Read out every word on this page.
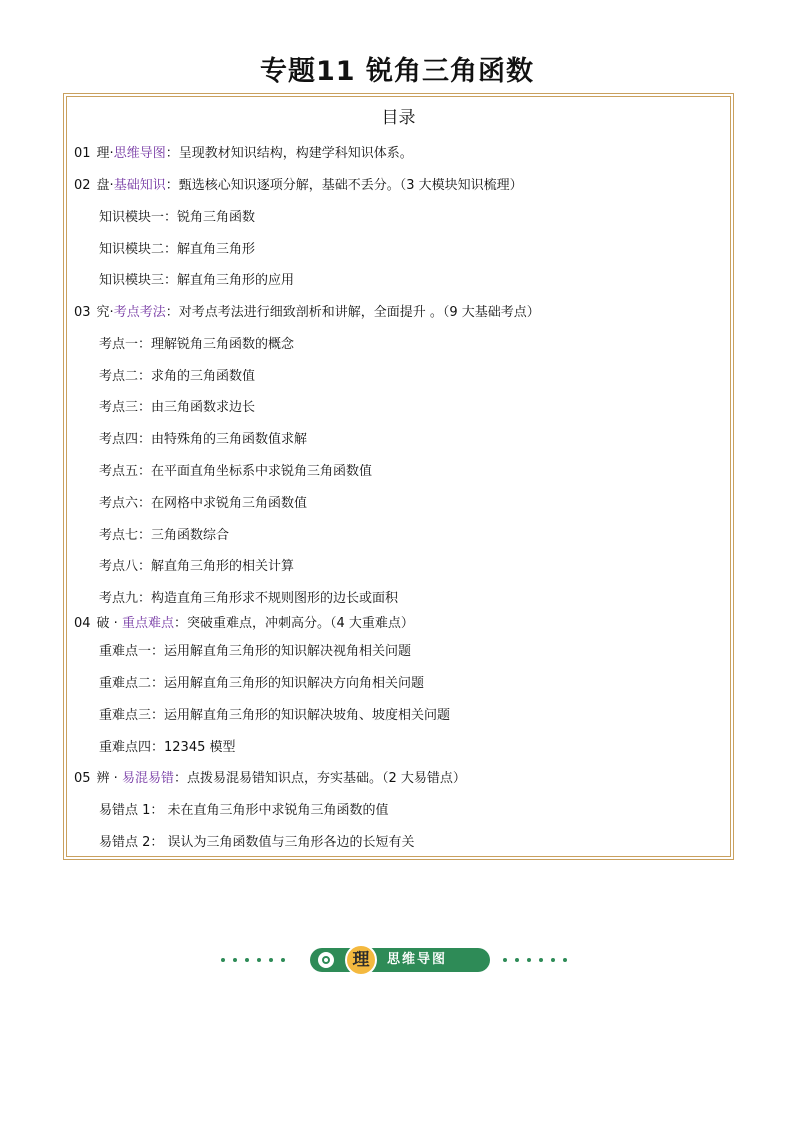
专题11 锐角三角函数
目录
01 理·思维导图：呈现教材知识结构，构建学科知识体系。
02 盘·基础知识：甄选核心知识逐项分解，基础不丢分。（3 大模块知识梳理）
知识模块一：锐角三角函数
知识模块二：解直角三角形
知识模块三：解直角三角形的应用
03 究·考点考法：对考点考法进行细致剖析和讲解，全面提升 。（9 大基础考点）
考点一：理解锐角三角函数的概念
考点二：求角的三角函数值
考点三：由三角函数求边长
考点四：由特殊角的三角函数值求解
考点五：在平面直角坐标系中求锐角三角函数值
考点六：在网格中求锐角三角函数值
考点七：三角函数综合
考点八：解直角三角形的相关计算
考点九：构造直角三角形求不规则图形的边长或面积
04 破 · 重点难点：突破重难点，冲刺高分。（4 大重难点）
重难点一：运用解直角三角形的知识解决视角相关问题
重难点二：运用解直角三角形的知识解决方向角相关问题
重难点三：运用解直角三角形的知识解决坡角、坡度相关问题
重难点四：12345 模型
05 辨 · 易混易错：点拨易混易错知识点，夯实基础。（2 大易错点）
易错点 1： 未在直角三角形中求锐角三角函数的值
易错点 2： 误认为三角函数值与三角形各边的长短有关
理	思维导图
